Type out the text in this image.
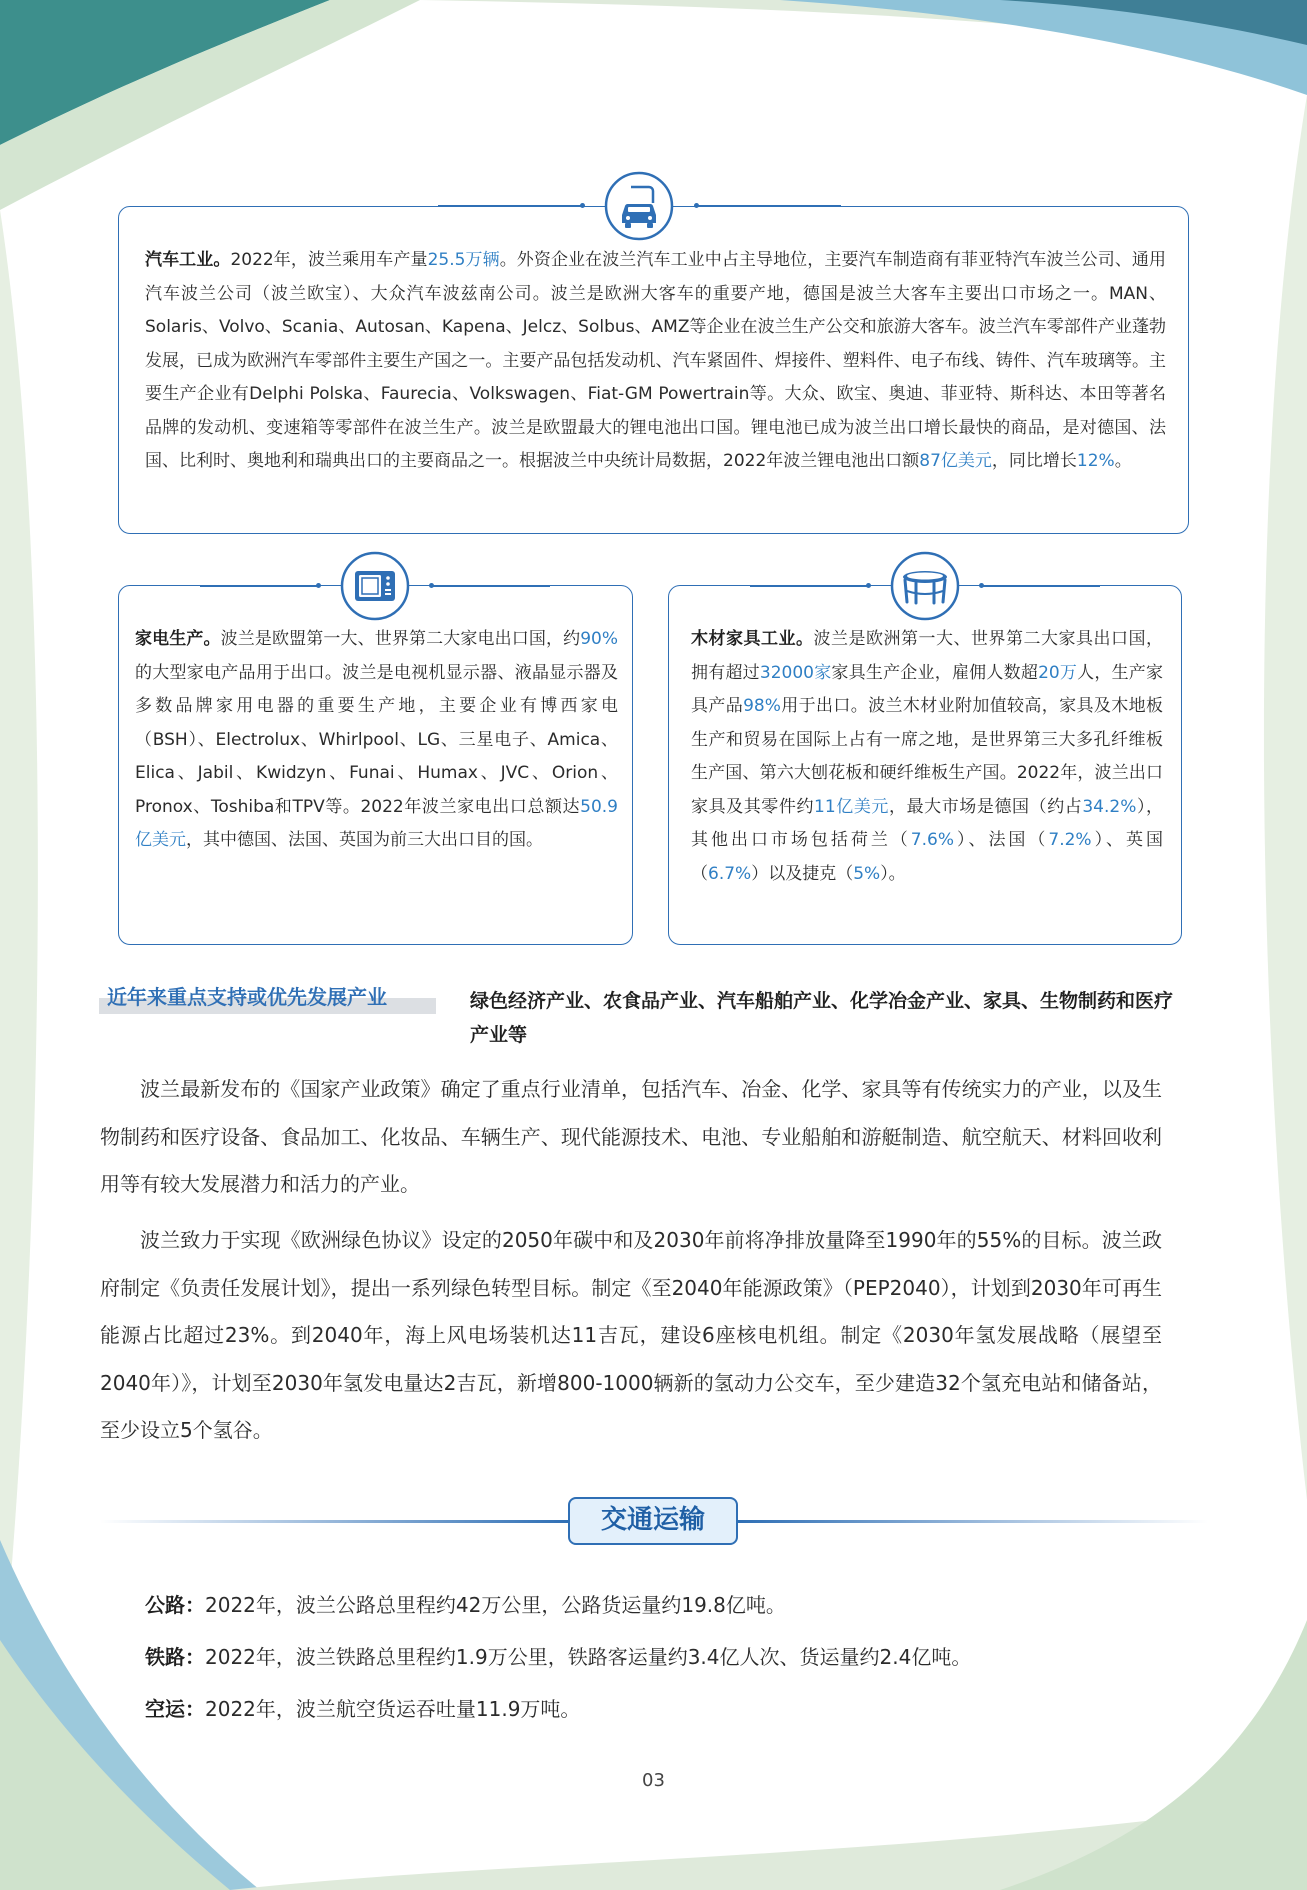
汽车工业。2022年，波兰乘用车产量25.5万辆。外资企业在波兰汽车工业中占主导地位，主要汽车制造商有菲亚特汽车波兰公司、通用汽车波兰公司（波兰欧宝）、大众汽车波兹南公司。波兰是欧洲大客车的重要产地，德国是波兰大客车主要出口市场之一。MAN、Solaris、Volvo、Scania、Autosan、Kapena、Jelcz、Solbus、AMZ等企业在波兰生产公交和旅游大客车。波兰汽车零部件产业蓬勃发展，已成为欧洲汽车零部件主要生产国之一。主要产品包括发动机、汽车紧固件、焊接件、塑料件、电子布线、铸件、汽车玻璃等。主要生产企业有Delphi Polska、Faurecia、Volkswagen、Fiat-GM Powertrain等。大众、欧宝、奥迪、菲亚特、斯科达、本田等著名品牌的发动机、变速箱等零部件在波兰生产。波兰是欧盟最大的锂电池出口国。锂电池已成为波兰出口增长最快的商品，是对德国、法国、比利时、奥地利和瑞典出口的主要商品之一。根据波兰中央统计局数据，2022年波兰锂电池出口额87亿美元，同比增长12%。

家电生产。波兰是欧盟第一大、世界第二大家电出口国，约90%的大型家电产品用于出口。波兰是电视机显示器、液晶显示器及多数品牌家用电器的重要生产地，主要企业有博西家电（BSH）、Electrolux、Whirlpool、LG、三星电子、Amica、Elica、Jabil、Kwidzyn、Funai、Humax、JVC、Orion、Pronox、Toshiba和TPV等。2022年波兰家电出口总额达50.9亿美元，其中德国、法国、英国为前三大出口目的国。

木材家具工业。波兰是欧洲第一大、世界第二大家具出口国，拥有超过32000家家具生产企业，雇佣人数超20万人，生产家具产品98%用于出口。波兰木材业附加值较高，家具及木地板生产和贸易在国际上占有一席之地，是世界第三大多孔纤维板生产国、第六大刨花板和硬纤维板生产国。2022年，波兰出口家具及其零件约11亿美元，最大市场是德国（约占34.2%），其他出口市场包括荷兰（7.6%）、法国（7.2%）、英国（6.7%）以及捷克（5%）。

近年来重点支持或优先发展产业	绿色经济产业、农食品产业、汽车船舶产业、化学冶金产业、家具、生物制药和医疗产业等

波兰最新发布的《国家产业政策》确定了重点行业清单，包括汽车、冶金、化学、家具等有传统实力的产业，以及生物制药和医疗设备、食品加工、化妆品、车辆生产、现代能源技术、电池、专业船舶和游艇制造、航空航天、材料回收利用等有较大发展潜力和活力的产业。

波兰致力于实现《欧洲绿色协议》设定的2050年碳中和及2030年前将净排放量降至1990年的55%的目标。波兰政府制定《负责任发展计划》，提出一系列绿色转型目标。制定《至2040年能源政策》（PEP2040），计划到2030年可再生能源占比超过23%。到2040年，海上风电场装机达11吉瓦，建设6座核电机组。制定《2030年氢发展战略（展望至2040年）》，计划至2030年氢发电量达2吉瓦，新增800-1000辆新的氢动力公交车，至少建造32个氢充电站和储备站，至少设立5个氢谷。

交通运输

公路：2022年，波兰公路总里程约42万公里，公路货运量约19.8亿吨。

铁路：2022年，波兰铁路总里程约1.9万公里，铁路客运量约3.4亿人次、货运量约2.4亿吨。

空运：2022年，波兰航空货运吞吐量11.9万吨。

03
